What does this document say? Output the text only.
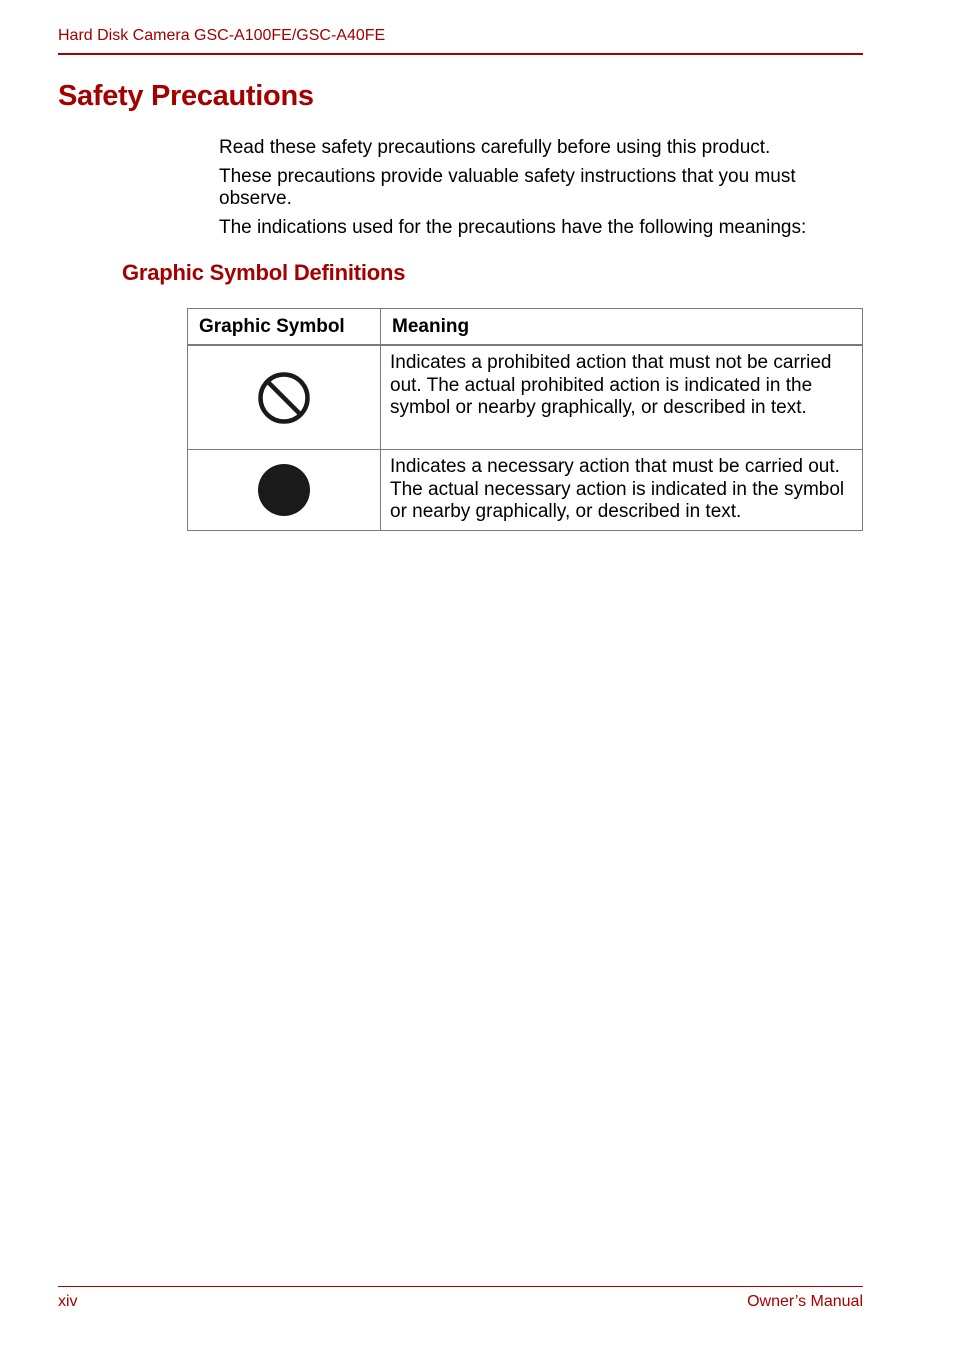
Hard Disk Camera GSC-A100FE/GSC-A40FE
Safety Precautions

Read these safety precautions carefully before using this product.

These precautions provide valuable safety instructions that you must observe.

The indications used for the precautions have the following meanings:

Graphic Symbol Definitions
Graphic Symbol	Meaning

	Indicates a prohibited action that must not be carried out. The actual prohibited action is indicated in the symbol or nearby graphically, or described in text.

	Indicates a necessary action that must be carried out. The actual necessary action is indicated in the symbol or nearby graphically, or described in text.
xiv	Owner’s Manual
